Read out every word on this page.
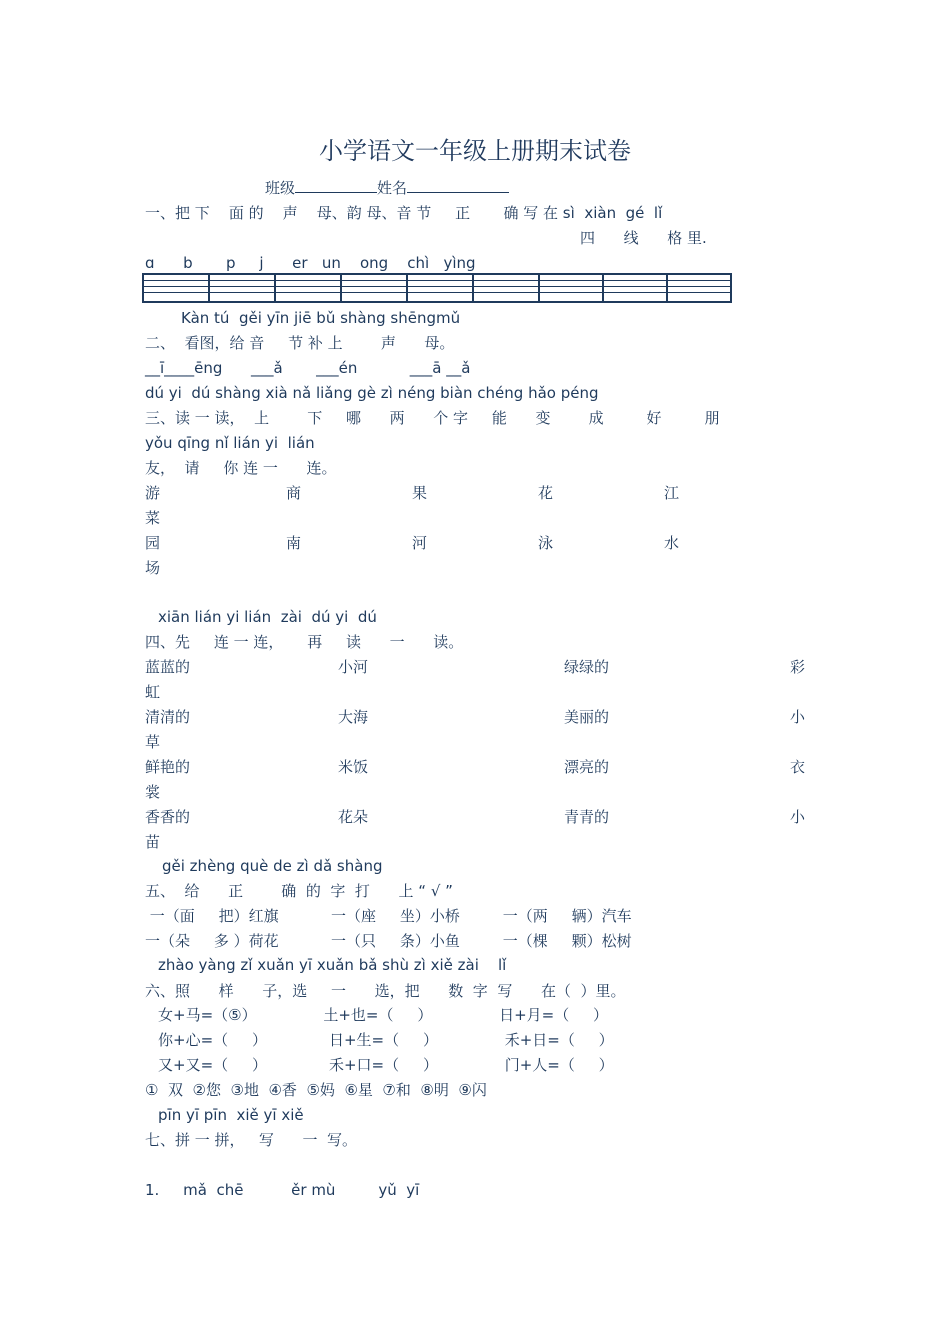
小学语文一年级上册期末试卷
班级	姓名
一、把 下    面 的    声    母、韵 母、音 节     正       确 写 在 sì  xiàn  gé  lǐ
四      线      格 里.
ɑ      b       p     j      er   un    ong    chì   yìng
Kàn tú  gěi yīn jiē bǔ shàng shēngmǔ
二、  看图，给 音     节 补 上        声      母。
__ī____ēng      ___ǎ       ___én           ___ā __ǎ
dú yi  dú shàng xià nǎ liǎng gè zì néng biàn chéng hǎo péng
三、读 一 读，  上        下     哪      两      个 字     能      变        成         好         朋
yǒu qīng nǐ lián yi  lián
友，  请     你 连 一      连。
游	商	果	花	江
菜
园	南	河	泳	水
场
xiān lián yi lián  zài  dú yi  dú
四、先     连 一 连，     再     读      一      读。
蓝蓝的	小河	绿绿的	彩
虹
清清的	大海	美丽的	小
草
鲜艳的	米饭	漂亮的	衣
裳
香香的	花朵	青青的	小
苗
gěi zhèng què de zì dǎ shàng
五、  给      正        确  的  字  打      上 “ √ ”
一（面     把）红旗           一（座     坐）小桥         一（两     辆）汽车
一（朵     多 ）荷花           一（只     条）小鱼         一（棵     颗）松树
zhào yàng zǐ xuǎn yī xuǎn bǎ shù zì xiě zài    lǐ
六、照      样      子，选     一      选，把      数  字  写      在（  ）里。
女+马=（⑤）              土+也=（     ）              日+月=（     ）
你+心=（     ）             日+生=（     ）              禾+日=（     ）
又+又=（     ）             禾+口=（     ）              门+人=（     ）
①  双  ②您  ③地  ④香  ⑤妈  ⑥星  ⑦和  ⑧明  ⑨闪
pīn yī pīn  xiě yī xiě
七、拼 一 拼，   写      一  写。
1.     mǎ  chē          ěr mù         yǔ  yī
